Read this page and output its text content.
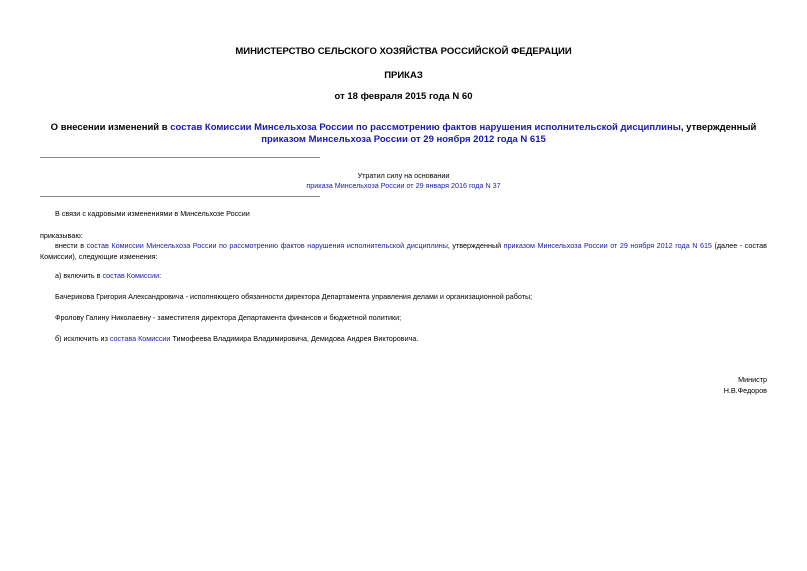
МИНИСТЕРСТВО СЕЛЬСКОГО ХОЗЯЙСТВА РОССИЙСКОЙ ФЕДЕРАЦИИ
ПРИКАЗ
от 18 февраля 2015 года N 60
О внесении изменений в состав Комиссии Минсельхоза России по рассмотрению фактов нарушения исполнительской дисциплины, утвержденный приказом Минсельхоза России от 29 ноября 2012 года N 615
Утратил силу на основании
приказа Минсельхоза России от 29 января 2016 года N 37

В связи с кадровыми изменениями в Минсельхозе России

приказываю:

внести в состав Комиссии Минсельхоза России по рассмотрению фактов нарушения исполнительской дисциплины, утвержденный приказом Минсельхоза России от 29 ноября 2012 года N 615 (далее - состав Комиссии), следующие изменения:

а) включить в состав Комиссии:

Бачерикова Григория Александровича - исполняющего обязанности директора Департамента управления делами и организационной работы;

Фролову Галину Николаевну - заместителя директора Департамента финансов и бюджетной политики;

б) исключить из состава Комиссии Тимофеева Владимира Владимировича, Демидова Андрея Викторовича.

Министр
Н.В.Федоров
